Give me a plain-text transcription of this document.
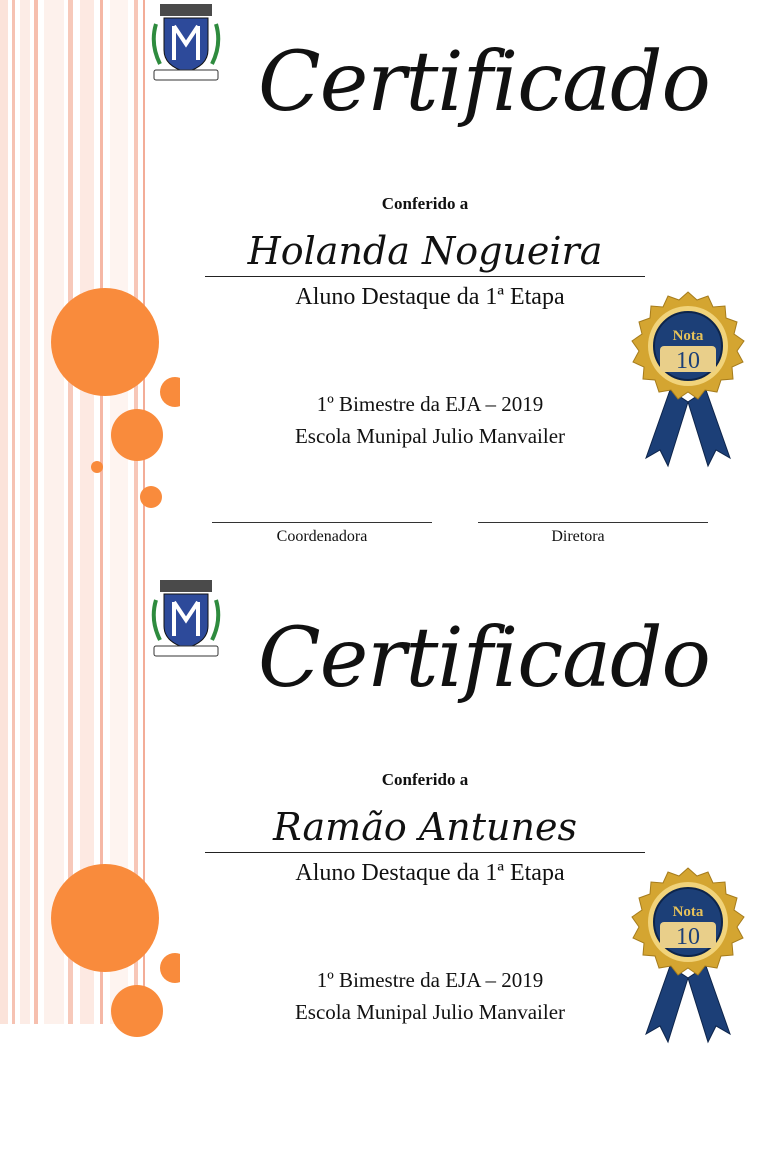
Certificado
Conferido a
Holanda Nogueira
Aluno Destaque da 1ª Etapa
1º Bimestre da EJA – 2019
Escola Munipal Julio Manvailer
Coordenadora	Diretora
Nota
10
Certificado
Conferido a
Ramão Antunes
Aluno Destaque da 1ª Etapa
1º Bimestre da EJA – 2019
Escola Munipal Julio Manvailer
Nota
10
